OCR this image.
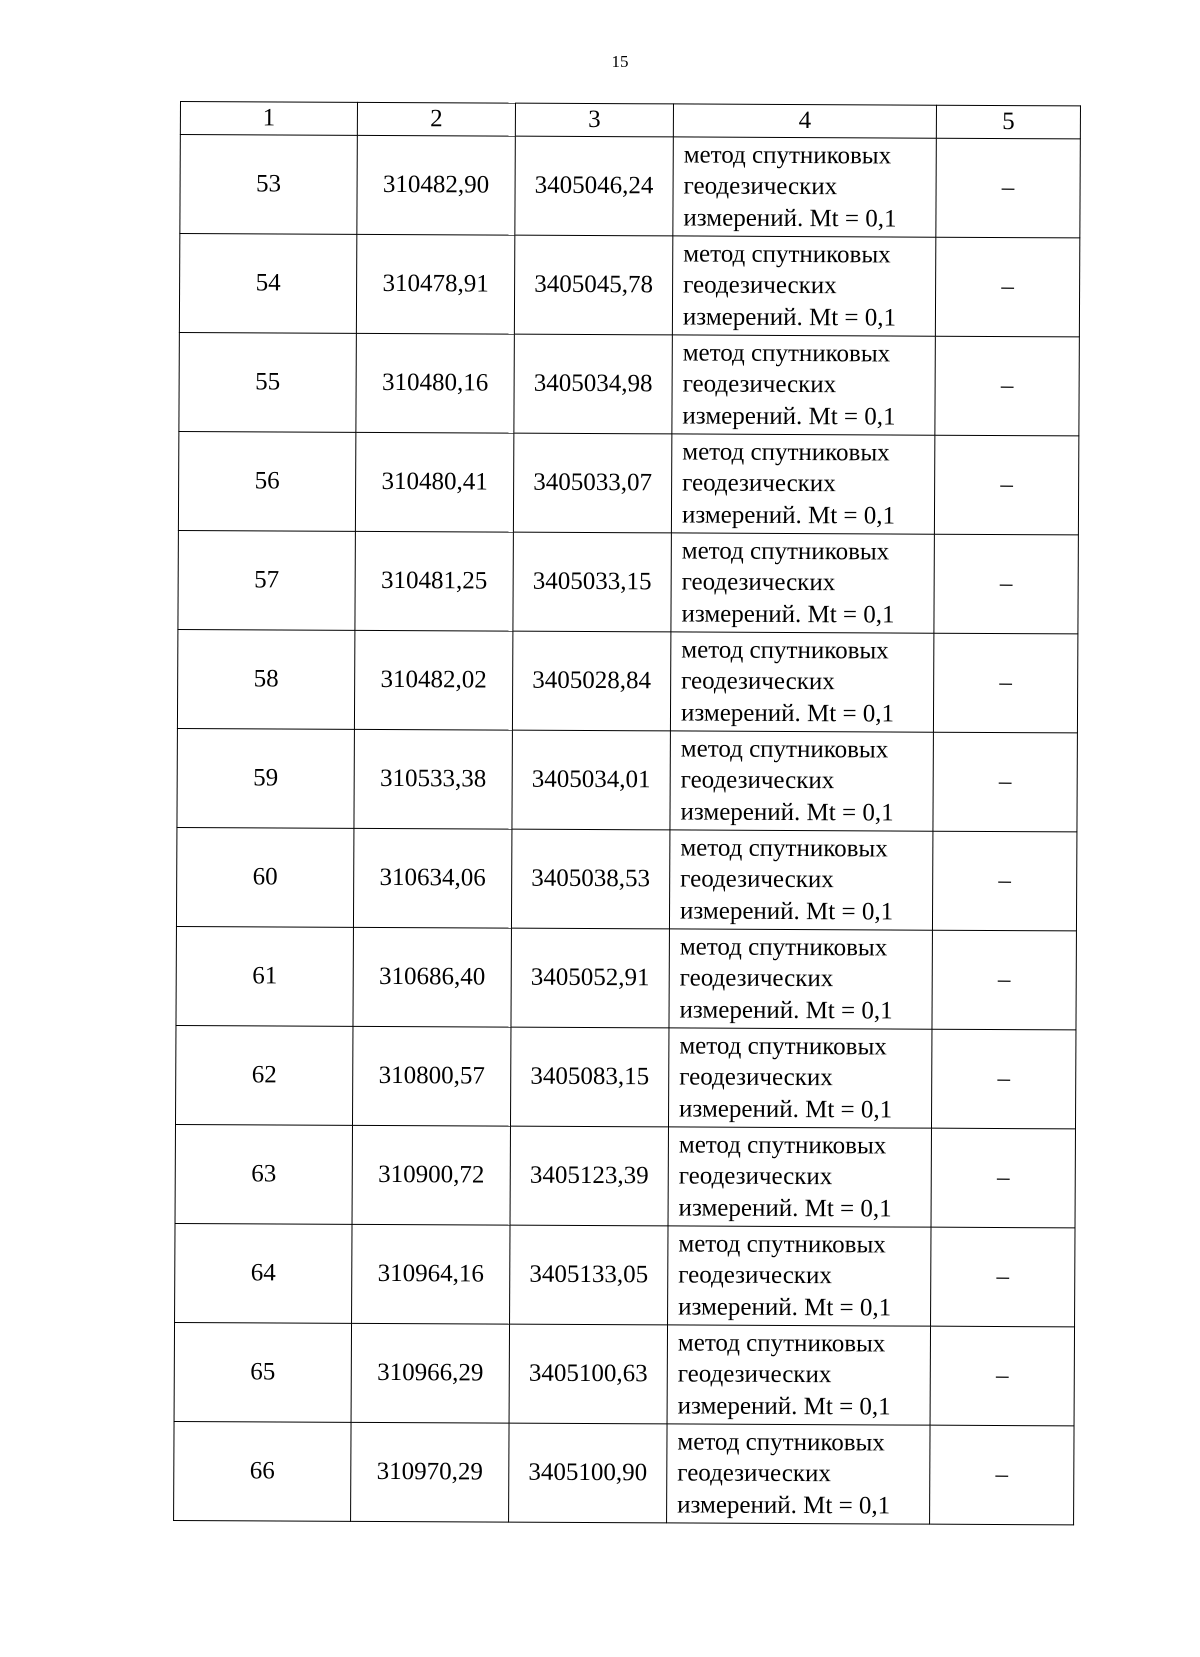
15
1	2	3	4	5
53	310482,90	3405046,24	метод спутниковых
геодезических
измерений. Mt = 0,1	–
54	310478,91	3405045,78	метод спутниковых
геодезических
измерений. Mt = 0,1	–
55	310480,16	3405034,98	метод спутниковых
геодезических
измерений. Mt = 0,1	–
56	310480,41	3405033,07	метод спутниковых
геодезических
измерений. Mt = 0,1	–
57	310481,25	3405033,15	метод спутниковых
геодезических
измерений. Mt = 0,1	–
58	310482,02	3405028,84	метод спутниковых
геодезических
измерений. Mt = 0,1	–
59	310533,38	3405034,01	метод спутниковых
геодезических
измерений. Mt = 0,1	–
60	310634,06	3405038,53	метод спутниковых
геодезических
измерений. Mt = 0,1	–
61	310686,40	3405052,91	метод спутниковых
геодезических
измерений. Mt = 0,1	–
62	310800,57	3405083,15	метод спутниковых
геодезических
измерений. Mt = 0,1	–
63	310900,72	3405123,39	метод спутниковых
геодезических
измерений. Mt = 0,1	–
64	310964,16	3405133,05	метод спутниковых
геодезических
измерений. Mt = 0,1	–
65	310966,29	3405100,63	метод спутниковых
геодезических
измерений. Mt = 0,1	–
66	310970,29	3405100,90	метод спутниковых
геодезических
измерений. Mt = 0,1	–
